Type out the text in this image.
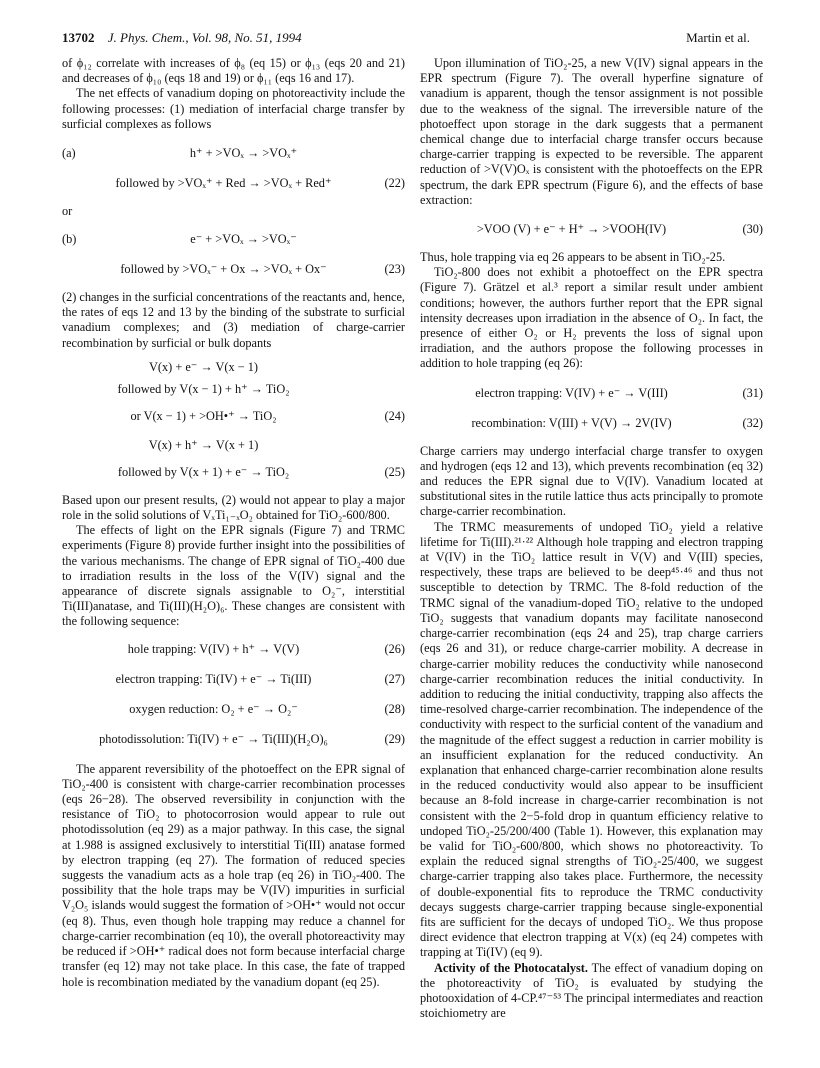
13702 J. Phys. Chem., Vol. 98, No. 51, 1994	Martin et al.

of ϕ₁₂ correlate with increases of ϕ₈ (eq 15) or ϕ₁₃ (eqs 20 and 21) and decreases of ϕ₁₀ (eqs 18 and 19) or ϕ₁₁ (eqs 16 and 17).

The net effects of vanadium doping on photoreactivity include the following processes: (1) mediation of interfacial charge transfer by surficial complexes as follows

(a)	h⁺ + >VOₓ → >VOₓ⁺
followed by >VOₓ⁺ + Red → >VOₓ + Red⁺	(22)
or
(b)	e⁻ + >VOₓ → >VOₓ⁻
followed by >VOₓ⁻ + Ox → >VOₓ + Ox⁻	(23)

(2) changes in the surficial concentrations of the reactants and, hence, the rates of eqs 12 and 13 by the binding of the substrate to surficial vanadium complexes; and (3) mediation of charge-carrier recombination by surficial or bulk dopants

V(x) + e⁻ → V(x − 1)
followed by V(x − 1) + h⁺ → TiO₂
or V(x − 1) + >OH•⁺ → TiO₂	(24)
V(x) + h⁺ → V(x + 1)
followed by V(x + 1) + e⁻ → TiO₂	(25)

Based upon our present results, (2) would not appear to play a major role in the solid solutions of VₓTi₁₋ₓO₂ obtained for TiO₂-600/800.

The effects of light on the EPR signals (Figure 7) and TRMC experiments (Figure 8) provide further insight into the possibilities of the various mechanisms. The change of EPR signal of TiO₂-400 due to irradiation results in the loss of the V(IV) signal and the appearance of discrete signals assignable to O₂⁻, interstitial Ti(III)anatase, and Ti(III)(H₂O)₆. These changes are consistent with the following sequence:

hole trapping: V(IV) + h⁺ → V(V)	(26)
electron trapping: Ti(IV) + e⁻ → Ti(III)	(27)
oxygen reduction: O₂ + e⁻ → O₂⁻	(28)
photodissolution: Ti(IV) + e⁻ → Ti(III)(H₂O)₆	(29)

The apparent reversibility of the photoeffect on the EPR signal of TiO₂-400 is consistent with charge-carrier recombination processes (eqs 26−28). The observed reversibility in conjunction with the resistance of TiO₂ to photocorrosion would appear to rule out photodissolution (eq 29) as a major pathway. In this case, the signal at 1.988 is assigned exclusively to interstitial Ti(III) anatase formed by electron trapping (eq 27). The formation of reduced species suggests the vanadium acts as a hole trap (eq 26) in TiO₂-400. The possibility that the hole traps may be V(IV) impurities in surficial V₂O₅ islands would suggest the formation of >OH•⁺ would not occur (eq 8). Thus, even though hole trapping may reduce a channel for charge-carrier recombination (eq 10), the overall photoreactivity may be reduced if >OH•⁺ radical does not form because interfacial charge transfer (eq 12) may not take place. In this case, the fate of trapped hole is recombination mediated by the vanadium dopant (eq 25).

Upon illumination of TiO₂-25, a new V(IV) signal appears in the EPR spectrum (Figure 7). The overall hyperfine signature of vanadium is apparent, though the tensor assignment is not possible due to the weakness of the signal. The irreversible nature of the photoeffect upon storage in the dark suggests that a permanent chemical change due to interfacial charge transfer occurs because charge-carrier trapping is expected to be reversible. The apparent reduction of >V(V)Oₓ is consistent with the photoeffects on the EPR spectrum, the dark EPR spectrum (Figure 6), and the effects of base extraction:

>VOO (V) + e⁻ + H⁺ → >VOOH(IV)	(30)

Thus, hole trapping via eq 26 appears to be absent in TiO₂-25.

TiO₂-800 does not exhibit a photoeffect on the EPR spectra (Figure 7). Grätzel et al.³ report a similar result under ambient conditions; however, the authors further report that the EPR signal intensity decreases upon irradiation in the absence of O₂. In fact, the presence of either O₂ or H₂ prevents the loss of signal upon irradiation, and the authors propose the following processes in addition to hole trapping (eq 26):

electron trapping: V(IV) + e⁻ → V(III)	(31)
recombination: V(III) + V(V) → 2V(IV)	(32)

Charge carriers may undergo interfacial charge transfer to oxygen and hydrogen (eqs 12 and 13), which prevents recombination (eq 32) and reduces the EPR signal due to V(IV). Vanadium located at substitutional sites in the rutile lattice thus acts principally to promote charge-carrier recombination.

The TRMC measurements of undoped TiO₂ yield a relative lifetime for Ti(III).²¹·²² Although hole trapping and electron trapping at V(IV) in the TiO₂ lattice result in V(V) and V(III) species, respectively, these traps are believed to be deep⁴⁵·⁴⁶ and thus not susceptible to detection by TRMC. The 8-fold reduction of the TRMC signal of the vanadium-doped TiO₂ relative to the undoped TiO₂ suggests that vanadium dopants may facilitate nanosecond charge-carrier recombination (eqs 24 and 25), trap charge carriers (eqs 26 and 31), or reduce charge-carrier mobility. A decrease in charge-carrier mobility reduces the conductivity while nanosecond charge-carrier recombination reduces the initial conductivity. In addition to reducing the initial conductivity, trapping also affects the time-resolved charge-carrier recombination. The independence of the conductivity with respect to the surficial content of the vanadium and the magnitude of the effect suggest a reduction in carrier mobility is an insufficient explanation for the reduced conductivity. An explanation that enhanced charge-carrier recombination alone results in the reduced conductivity would also appear to be insufficient because an 8-fold increase in charge-carrier recombination is not consistent with the 2−5-fold drop in quantum efficiency relative to undoped TiO₂-25/200/400 (Table 1). However, this explanation may be valid for TiO₂-600/800, which shows no photoreactivity. To explain the reduced signal strengths of TiO₂-25/400, we suggest charge-carrier trapping also takes place. Furthermore, the necessity of double-exponential fits to reproduce the TRMC conductivity decays suggests charge-carrier trapping because single-exponential fits are sufficient for the decays of undoped TiO₂. We thus propose direct evidence that electron trapping at V(x) (eq 24) competes with trapping at Ti(IV) (eq 9).

Activity of the Photocatalyst. The effect of vanadium doping on the photoreactivity of TiO₂ is evaluated by studying the photooxidation of 4-CP.⁴⁷⁻⁵³ The principal intermediates and reaction stoichiometry are
